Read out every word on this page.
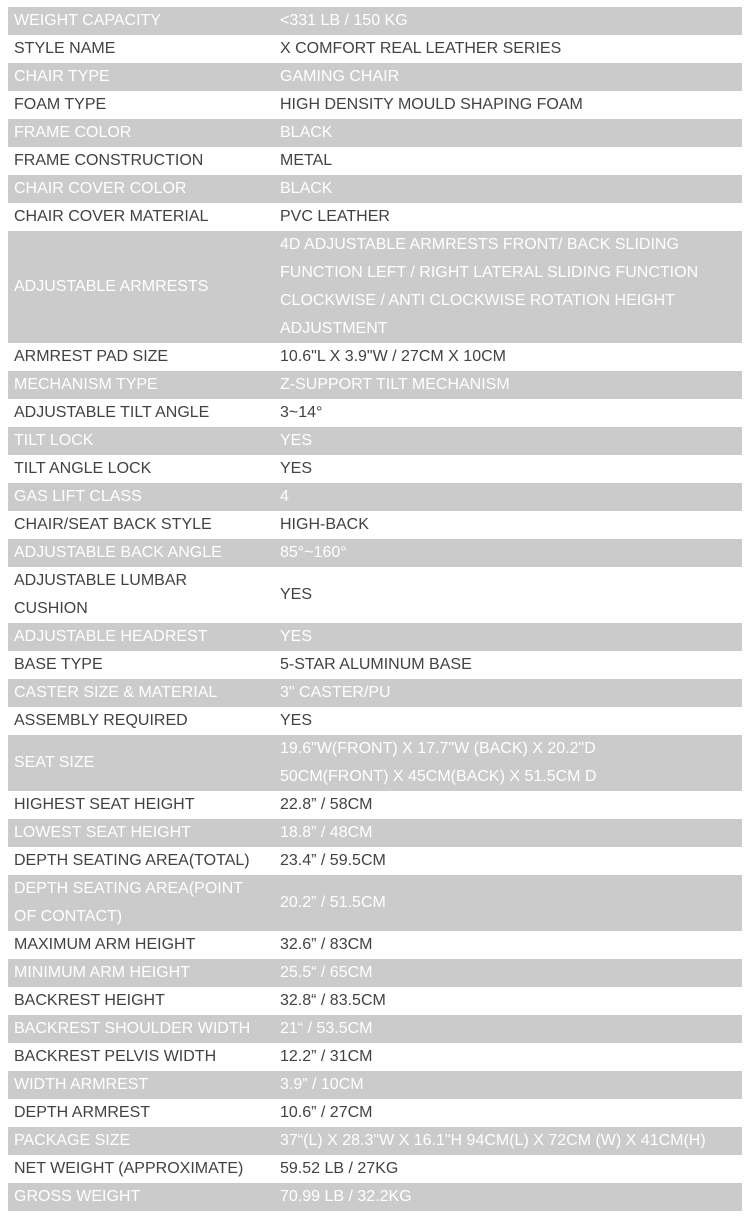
WEIGHT CAPACITY	<331 LB / 150 KG

STYLE NAME	X COMFORT REAL LEATHER SERIES

CHAIR TYPE	GAMING CHAIR

FOAM TYPE	HIGH DENSITY MOULD SHAPING FOAM

FRAME COLOR	BLACK

FRAME CONSTRUCTION	METAL

CHAIR COVER COLOR	BLACK

CHAIR COVER MATERIAL	PVC LEATHER

ADJUSTABLE ARMRESTS	4D ADJUSTABLE ARMRESTS FRONT/ BACK SLIDING
FUNCTION LEFT / RIGHT LATERAL SLIDING FUNCTION
CLOCKWISE / ANTI CLOCKWISE ROTATION HEIGHT
ADJUSTMENT

ARMREST PAD SIZE	10.6"L X 3.9"W / 27CM X 10CM

MECHANISM TYPE	Z-SUPPORT TILT MECHANISM

ADJUSTABLE TILT ANGLE	3~14°

TILT LOCK	YES

TILT ANGLE LOCK	YES

GAS LIFT CLASS	4

CHAIR/SEAT BACK STYLE	HIGH-BACK

ADJUSTABLE BACK ANGLE	85°~160°

ADJUSTABLE LUMBAR
CUSHION	YES

ADJUSTABLE HEADREST	YES

BASE TYPE	5-STAR ALUMINUM BASE

CASTER SIZE & MATERIAL	3" CASTER/PU

ASSEMBLY REQUIRED	YES

SEAT SIZE	19.6"W(FRONT) X 17.7"W (BACK) X 20.2"D
50CM(FRONT) X 45CM(BACK) X 51.5CM D

HIGHEST SEAT HEIGHT	22.8” / 58CM

LOWEST SEAT HEIGHT	18.8” / 48CM

DEPTH SEATING AREA(TOTAL)	23.4” / 59.5CM

DEPTH SEATING AREA(POINT
OF CONTACT)	20.2” / 51.5CM

MAXIMUM ARM HEIGHT	32.6” / 83CM

MINIMUM ARM HEIGHT	25.5“ / 65CM

BACKREST HEIGHT	32.8“ / 83.5CM

BACKREST SHOULDER WIDTH	21“ / 53.5CM

BACKREST PELVIS WIDTH	12.2” / 31CM

WIDTH ARMREST	3.9” / 10CM

DEPTH ARMREST	10.6” / 27CM

PACKAGE SIZE	37“(L) X 28.3"W X 16.1"H 94CM(L) X 72CM (W) X 41CM(H)

NET WEIGHT (APPROXIMATE)	59.52 LB / 27KG

GROSS WEIGHT	70.99 LB / 32.2KG
